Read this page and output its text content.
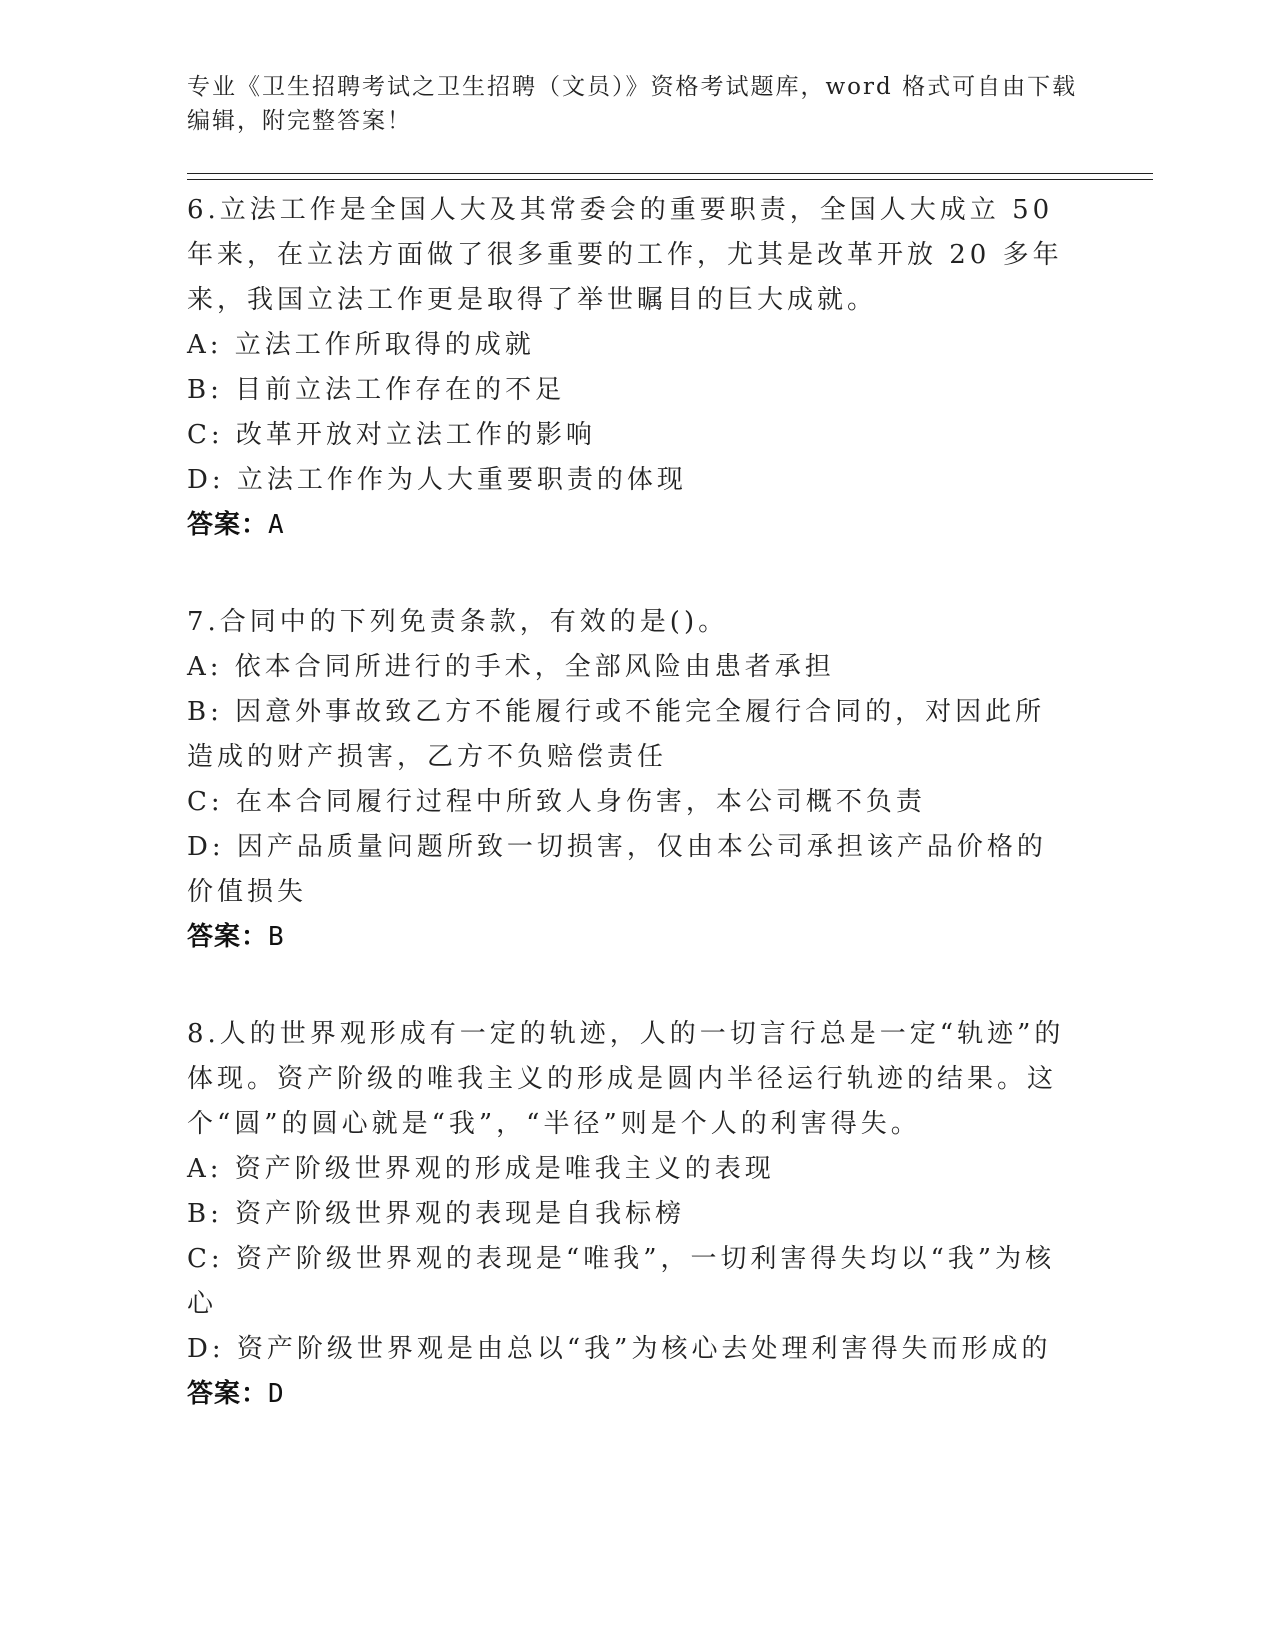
专业《卫生招聘考试之卫生招聘（文员）》资格考试题库，word 格式可自由下载编辑，附完整答案！

6.立法工作是全国人大及其常委会的重要职责，全国人大成立 50 年来，在立法方面做了很多重要的工作，尤其是改革开放 20 多年来，我国立法工作更是取得了举世瞩目的巨大成就。

A: 立法工作所取得的成就

B: 目前立法工作存在的不足

C: 改革开放对立法工作的影响

D: 立法工作作为人大重要职责的体现

答案：A

7.合同中的下列免责条款，有效的是()。

A: 依本合同所进行的手术，全部风险由患者承担

B: 因意外事故致乙方不能履行或不能完全履行合同的，对因此所造成的财产损害，乙方不负赔偿责任

C: 在本合同履行过程中所致人身伤害，本公司概不负责

D: 因产品质量问题所致一切损害，仅由本公司承担该产品价格的价值损失

答案：B

8.人的世界观形成有一定的轨迹，人的一切言行总是一定“轨迹”的体现。资产阶级的唯我主义的形成是圆内半径运行轨迹的结果。这个“圆”的圆心就是“我”，“半径”则是个人的利害得失。

A: 资产阶级世界观的形成是唯我主义的表现

B: 资产阶级世界观的表现是自我标榜

C: 资产阶级世界观的表现是“唯我”，一切利害得失均以“我”为核心

D: 资产阶级世界观是由总以“我”为核心去处理利害得失而形成的

答案：D
